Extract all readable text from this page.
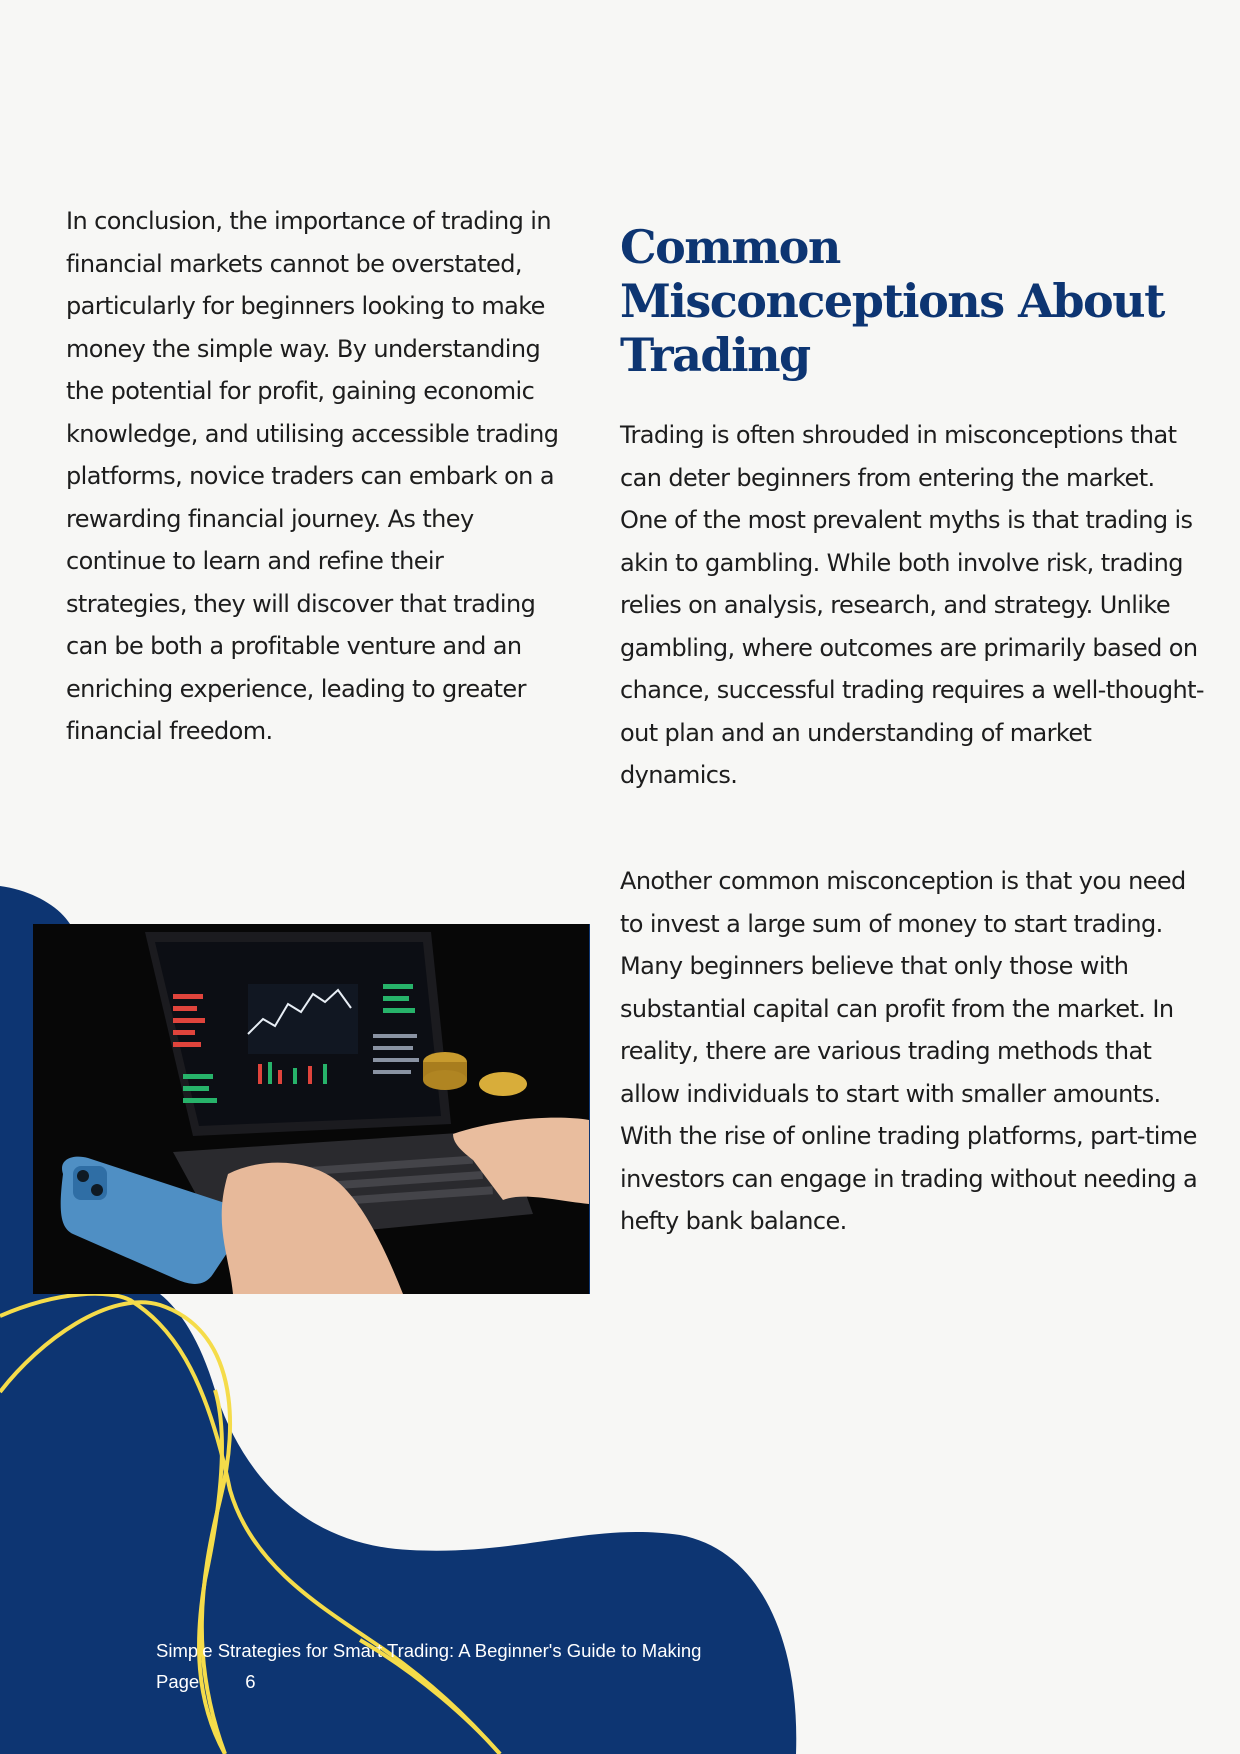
In conclusion, the importance of trading in financial markets cannot be overstated, particularly for beginners looking to make money the simple way. By understanding the potential for profit, gaining economic knowledge, and utilising accessible trading platforms, novice traders can embark on a rewarding financial journey. As they continue to learn and refine their strategies, they will discover that trading can be both a profitable venture and an enriching experience, leading to greater financial freedom.

Common Misconceptions About Trading

Trading is often shrouded in misconceptions that can deter beginners from entering the market. One of the most prevalent myths is that trading is akin to gambling. While both involve risk, trading relies on analysis, research, and strategy. Unlike gambling, where outcomes are primarily based on chance, successful trading requires a well-thought-out plan and an understanding of market dynamics.

Another common misconception is that you need to invest a large sum of money to start trading. Many beginners believe that only those with substantial capital can profit from the market. In reality, there are various trading methods that allow individuals to start with smaller amounts. With the rise of online trading platforms, part-time investors can engage in trading without needing a hefty bank balance.

Simple Strategies for Smart Trading: A Beginner's Guide to Making
Page 6
